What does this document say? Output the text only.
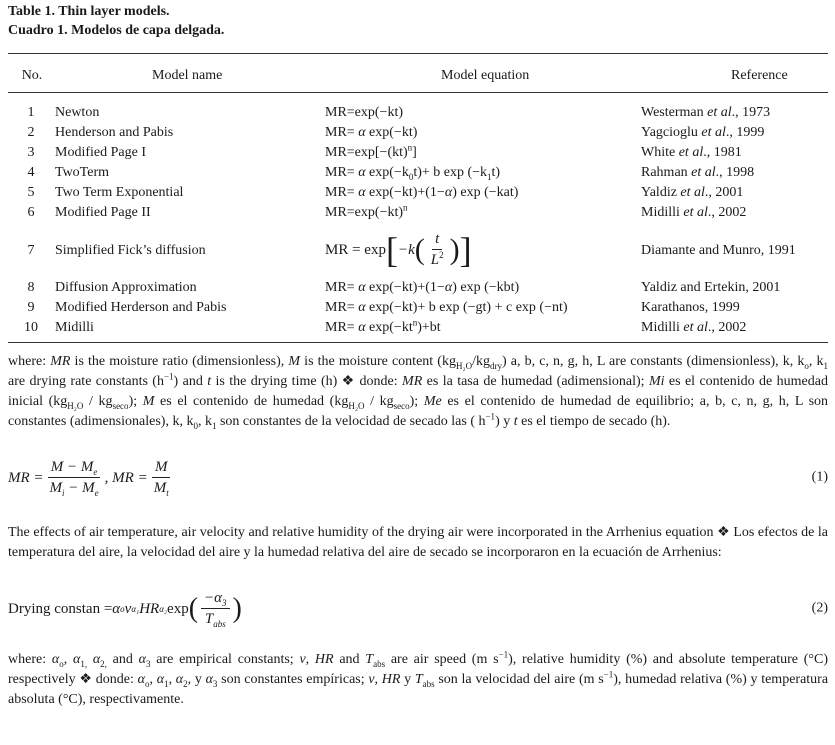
Table 1. Thin layer models.
Cuadro 1. Modelos de capa delgada.
No.	Model name	Model equation	Reference
1	Newton	MR=exp(−kt)	Westerman et al., 1973
2	Henderson and Pabis	MR= α exp(−kt)	Yagcioglu et al., 1999
3	Modified Page I	MR=exp[−(kt)$^n$]	White et al., 1981
4	TwoTerm	MR= α $\exp(-k_0t)+ b$ $\exp (-k_1t)$	Rahman et al., 1998
5	Two Term Exponential	MR= α exp(−kt)+(1−α) exp (−kat)	Yaldiz et al., 2001
6	Modified Page II	$MR=\exp(-kt)^n$	Midilli et al., 2002
7	Simplified Fick’s diffusion	MR = exp [ −k ( $\frac{t}{L^2}$ ) ]	Diamante and Munro, 1991
8	Diffusion Approximation	MR= α exp(−kt)+(1−α) exp (−kbt)	Yaldiz and Ertekin, 2001
9	Modified Herderson and Pabis	MR= α exp(−kt)+ b exp (−gt) + c exp (−nt)	Karathanos, 1999
10 Midilli	MR= α $\exp(-kt^n)+bt$	Midilli et al., 2002
where: MR is the moisture ratio (dimensionless), M is the moisture content $(kg_{H_2O}/kg_{dry})$ a, b, c, n, g, h, L are constants (dimensionless), k, $k_o$, $k_1$ are drying rate constants $(h^{-1})$ and t is the drying time (h) ❖ donde: MR es la tasa de humedad (adimensional); Mi es el contenido de humedad inicial $(kg_{H_2O} / kg_{seco})$; M es el contenido de humedad $(kg_{H_2O} / kg_{seco})$; Me es el contenido de humedad de equilibrio; a, b, c, n, g, h, L son constantes (adimensionales), k, $k_0$, $k_1$ son constantes de la velocidad de secado las ( $h^{-1}$) y t es el tiempo de secado (h).
MR = $\frac{M - M_e}{M_i - M_e}$ , MR = $\frac{M}{M_t}$	(1)
The effects of air temperature, air velocity and relative humidity of the drying air were incorporated in the Arrhenius equation ❖ Los efectos de la temperatura del aire, la velocidad del aire y la humedad relativa del aire de secado se incorporaron en la ecuación de Arrhenius:
Drying constan = α o v α₁ HR α₂ exp ( $\frac{-\alpha_3}{T_{abs}}$ )	(2)
where: $\alpha_o$, $\alpha_{1,}$ $\alpha_{2,}$ and $\alpha_3$ are empirical constants; v, HR and $T_{abs}$ are air speed (m $s^{-1}$), relative humidity (%) and absolute temperature (°C) respectively ❖ donde: $\alpha_o$, $\alpha_1$, $\alpha_2$, y $\alpha_3$ son constantes empíricas; v, HR y $T_{abs}$ son la velocidad del aire (m $s^{-1}$), humedad relativa (%) y temperatura absoluta (°C), respectivamente.
